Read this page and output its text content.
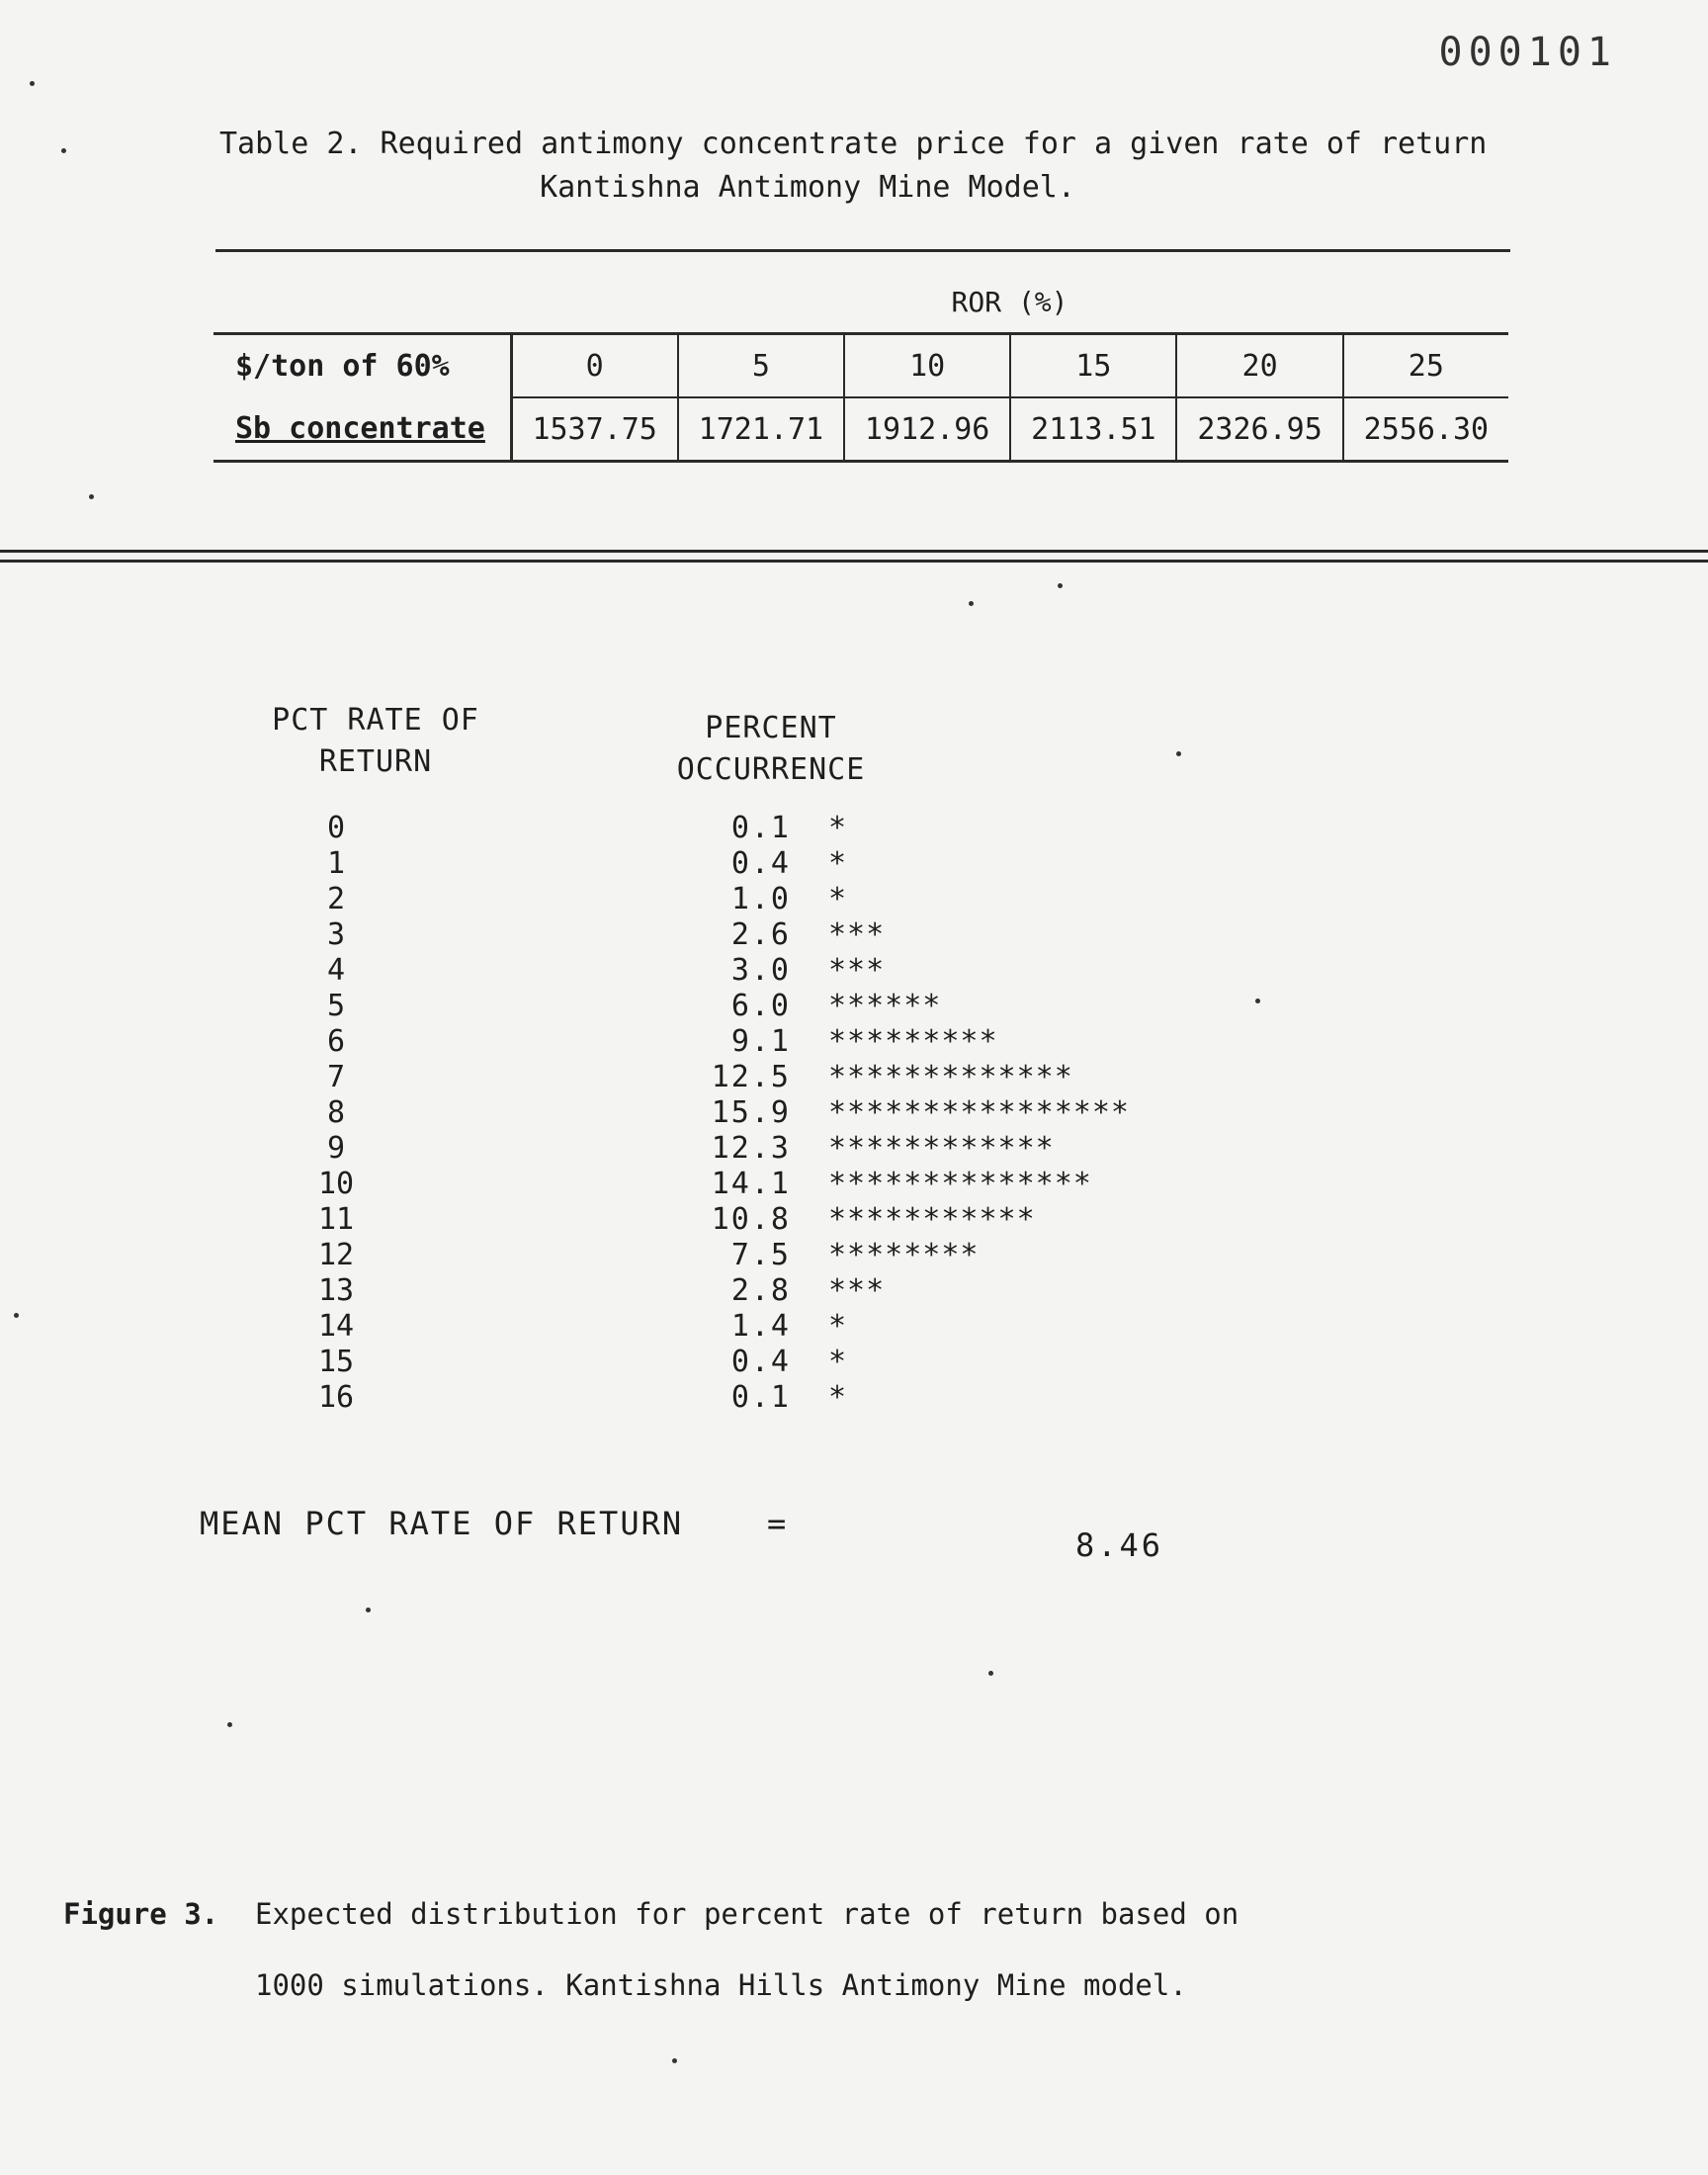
000101
Table 2. Required antimony concentrate price for a given rate of return
Kantishna Antimony Mine Model.
	ROR (%)					
$/ton of 60%	0	5	10	15	20	25
Sb concentrate	1537.75	1721.71	1912.96	2113.51	2326.95	2556.30
PCT RATE OF
RETURN
PERCENT
OCCURRENCE
0	0.1 *
1	0.4 *
2	1.0 *
3	2.6 ***
4	3.0 ***
5	6.0 ******
6	9.1 *********
7	12.5 *************
8	15.9 ****************
9	12.3 ************
10	14.1 **************
11	10.8 ***********
12	7.5 ********
13	2.8 ***
14	1.4 *
15	0.4 *
16	0.1 *
MEAN PCT RATE OF RETURN	=
8.46
Figure 3. Expected distribution for percent rate of return based on
1000 simulations. Kantishna Hills Antimony Mine model.
